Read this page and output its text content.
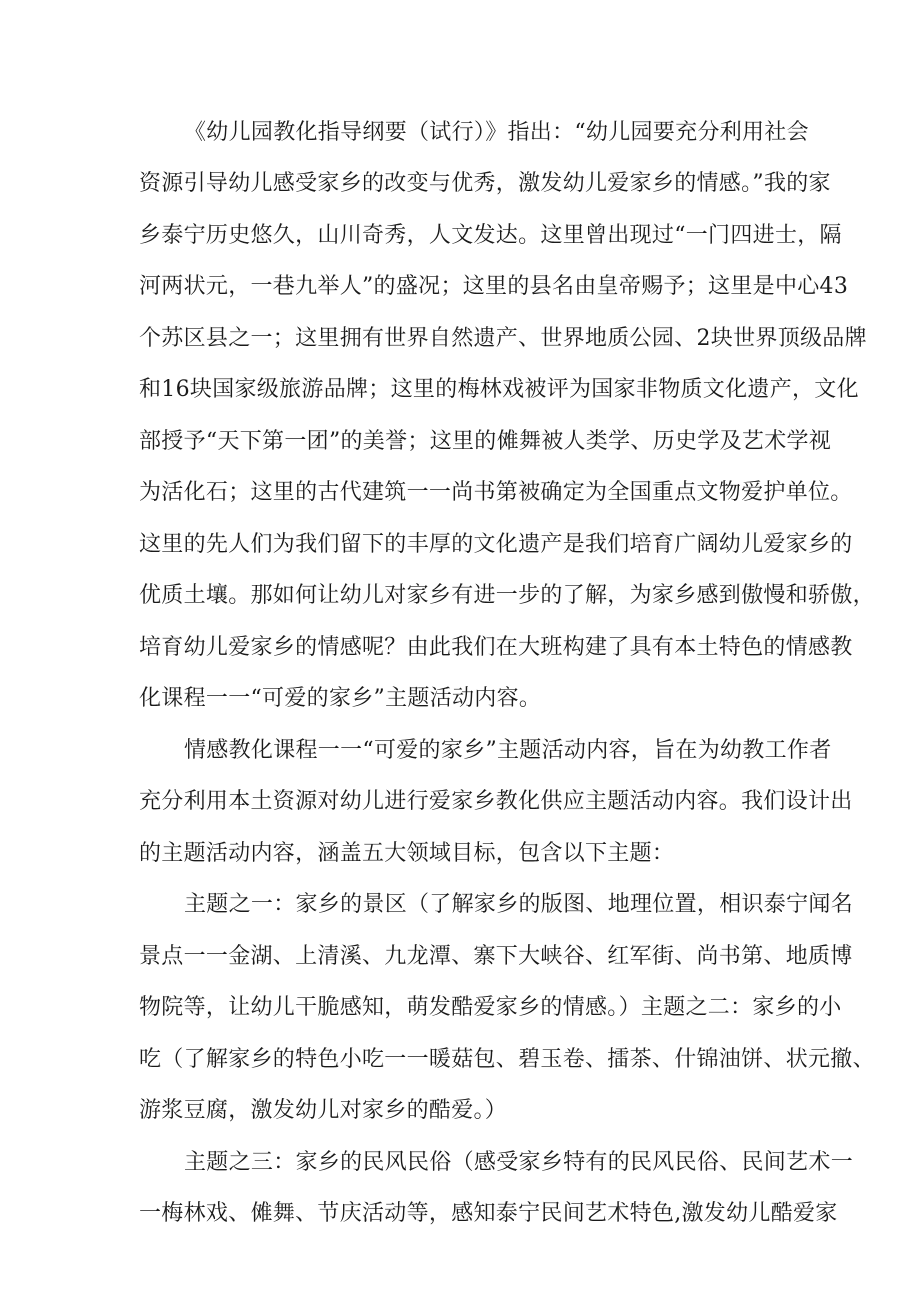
《幼儿园教化指导纲要（试行）》指出：“幼儿园要充分利用社会
资源引导幼儿感受家乡的改变与优秀，激发幼儿爱家乡的情感。”我的家
乡泰宁历史悠久，山川奇秀，人文发达。这里曾出现过“一门四进士，隔
河两状元，一巷九举人”的盛况；这里的县名由皇帝赐予；这里是中心43
个苏区县之一；这里拥有世界自然遗产、世界地质公园、2块世界顶级品牌
和16块国家级旅游品牌；这里的梅林戏被评为国家非物质文化遗产，文化
部授予“天下第一团”的美誉；这里的傩舞被人类学、历史学及艺术学视
为活化石；这里的古代建筑一一尚书第被确定为全国重点文物爱护单位。
这里的先人们为我们留下的丰厚的文化遗产是我们培育广阔幼儿爱家乡的
优质土壤。那如何让幼儿对家乡有进一步的了解，为家乡感到傲慢和骄傲，
培育幼儿爱家乡的情感呢？由此我们在大班构建了具有本土特色的情感教
化课程一一“可爱的家乡”主题活动内容。
情感教化课程一一“可爱的家乡”主题活动内容，旨在为幼教工作者
充分利用本土资源对幼儿进行爱家乡教化供应主题活动内容。我们设计出
的主题活动内容，涵盖五大领域目标，包含以下主题：
主题之一：家乡的景区（了解家乡的版图、地理位置，相识泰宁闻名
景点一一金湖、上清溪、九龙潭、寨下大峡谷、红军街、尚书第、地质博
物院等，让幼儿干脆感知，萌发酷爱家乡的情感。）主题之二：家乡的小
吃（了解家乡的特色小吃一一暖菇包、碧玉卷、擂茶、什锦油饼、状元撤、
游浆豆腐，激发幼儿对家乡的酷爱。）
主题之三：家乡的民风民俗（感受家乡特有的民风民俗、民间艺术一
一梅林戏、傩舞、节庆活动等，感知泰宁民间艺术特色,激发幼儿酷爱家
